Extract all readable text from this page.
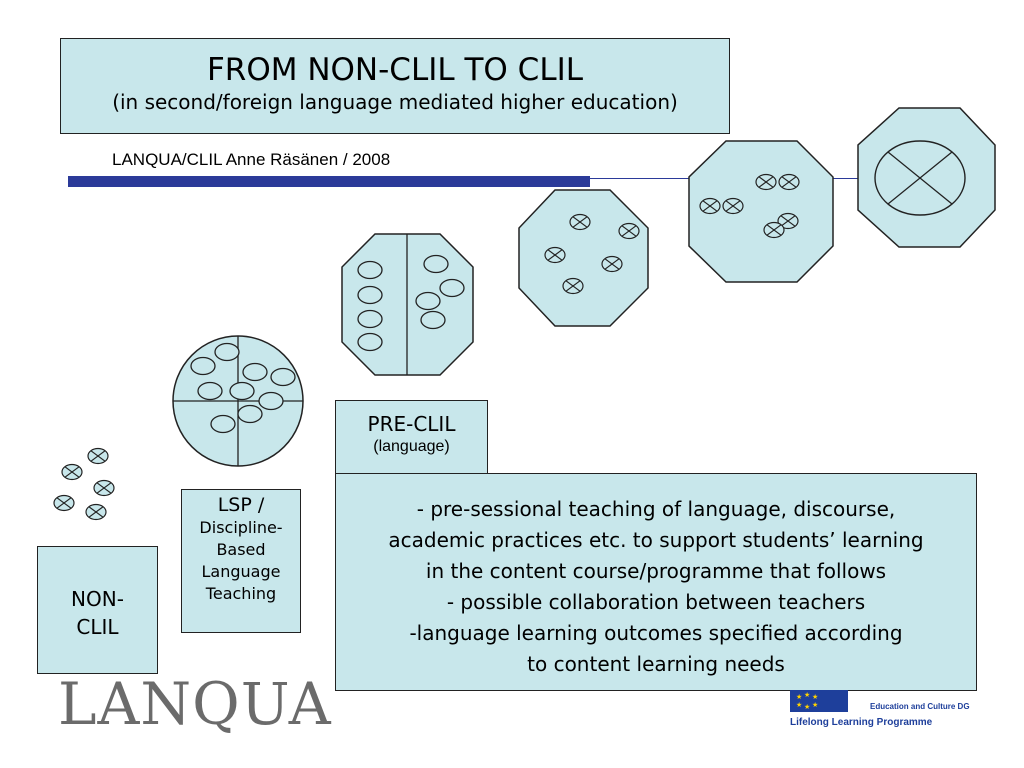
FROM NON-CLIL TO CLIL
(in second/foreign language mediated higher education)
LANQUA/CLIL Anne Räsänen / 2008
NON-
CLIL
LSP /
Discipline-
Based
Language
Teaching
PRE-CLIL
(language)
- pre-sessional teaching of language, discourse,
academic practices etc. to support students’ learning
in the content course/programme that follows
- possible collaboration between teachers
-language learning outcomes specified according
to content learning needs
LANQUA	★ ★ ★
★ ★ ★	Education and Culture DG
Lifelong Learning Programme
